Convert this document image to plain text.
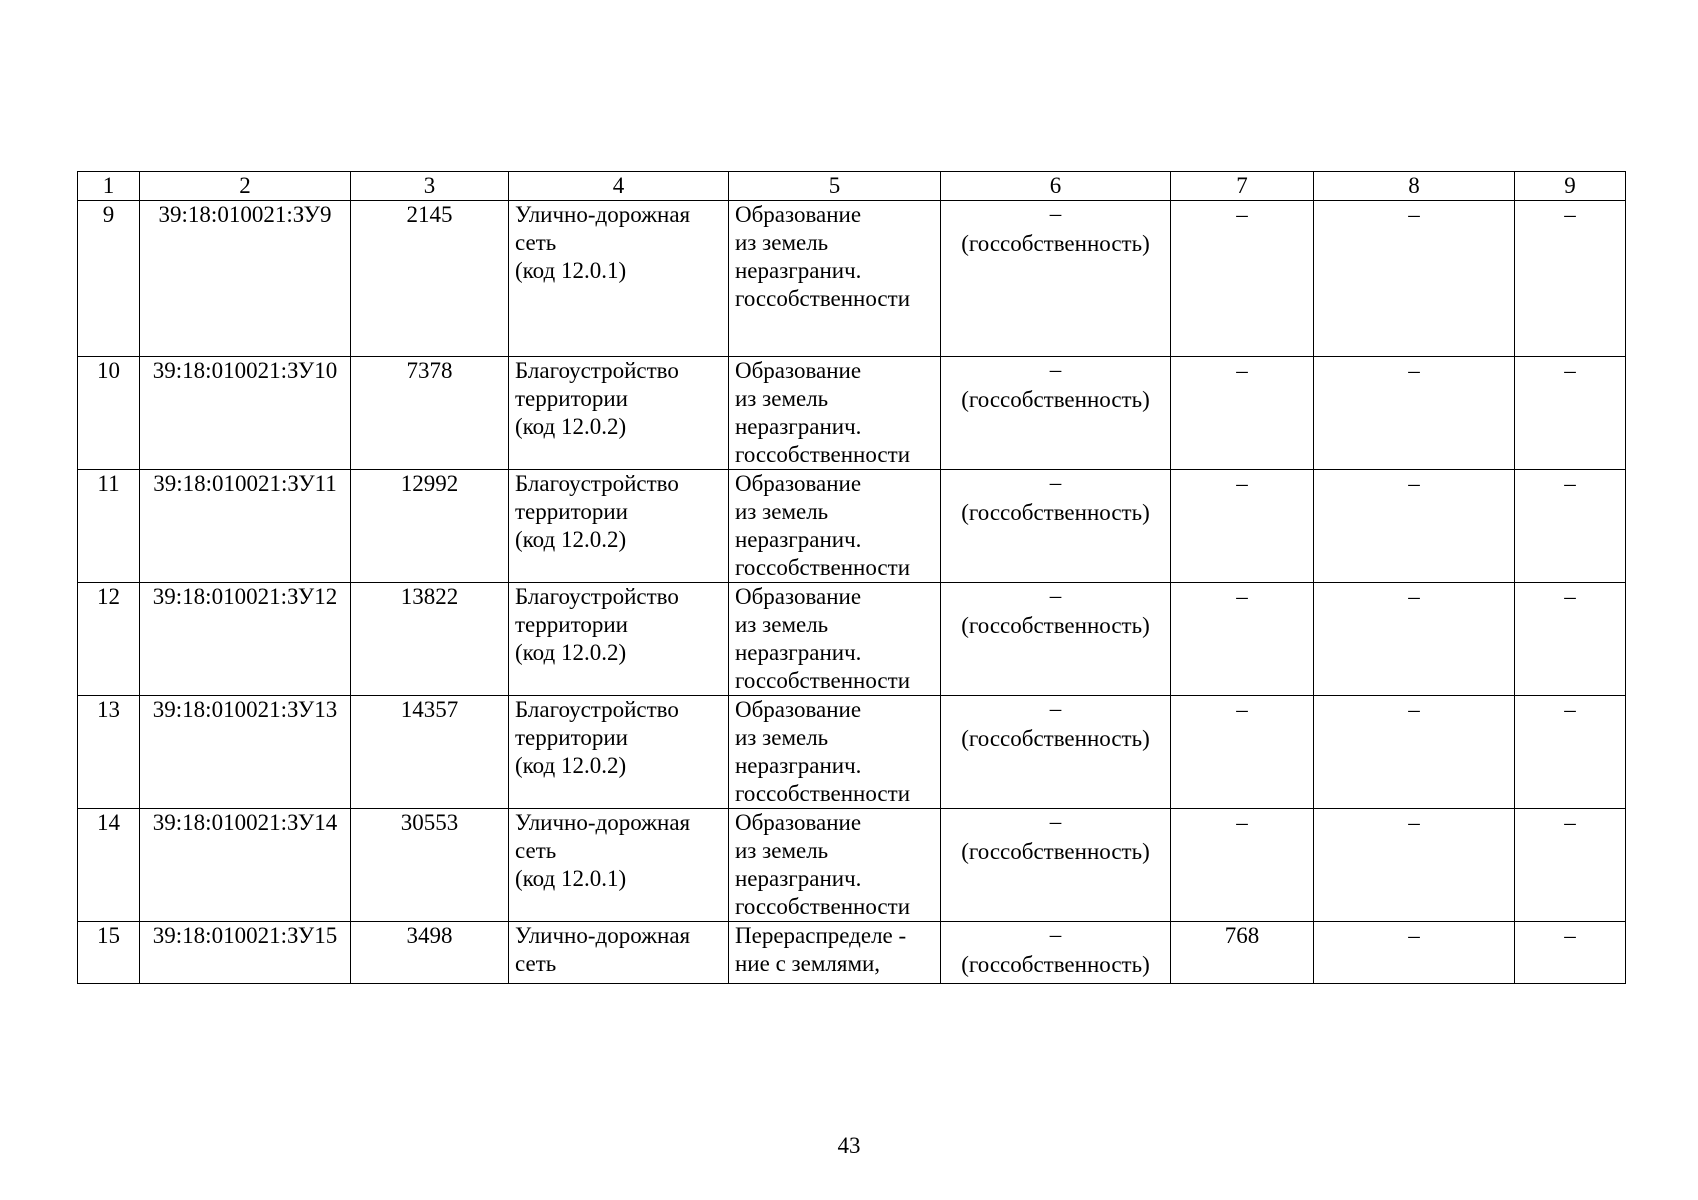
1	2	3	4	5	6	7	8	9
9	39:18:010021:ЗУ9	2145	Улично-дорожная
сеть
(код 12.0.1)	Образование
из земель
неразгранич.
госсобственности	–
(госсобственность)	–	–	–
10	39:18:010021:ЗУ10	7378	Благоустройство
территории
(код 12.0.2)	Образование
из земель
неразгранич.
госсобственности	–
(госсобственность)	–	–	–
11	39:18:010021:ЗУ11	12992	Благоустройство
территории
(код 12.0.2)	Образование
из земель
неразгранич.
госсобственности	–
(госсобственность)	–	–	–
12	39:18:010021:ЗУ12	13822	Благоустройство
территории
(код 12.0.2)	Образование
из земель
неразгранич.
госсобственности	–
(госсобственность)	–	–	–
13	39:18:010021:ЗУ13	14357	Благоустройство
территории
(код 12.0.2)	Образование
из земель
неразгранич.
госсобственности	–
(госсобственность)	–	–	–
14	39:18:010021:ЗУ14	30553	Улично-дорожная
сеть
(код 12.0.1)	Образование
из земель
неразгранич.
госсобственности	–
(госсобственность)	–	–	–
15	39:18:010021:ЗУ15	3498	Улично-дорожная
сеть	Перераспределе -
ние с землями,	–
(госсобственность)	768	–	–
43
